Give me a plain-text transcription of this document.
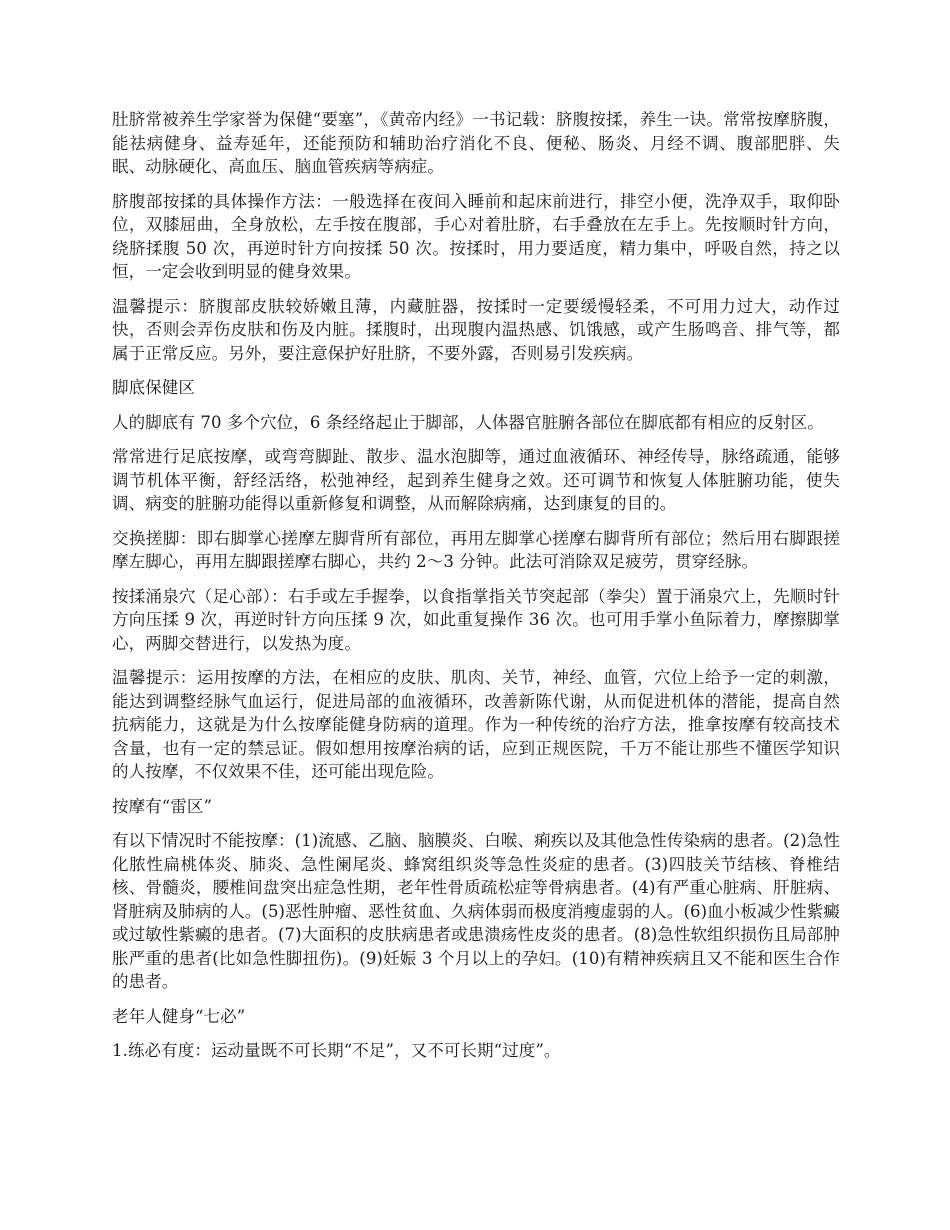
肚脐常被养生学家誉为保健“要塞”，《黄帝内经》一书记载：脐腹按揉，养生一诀。常常按摩脐腹，能祛病健身、益寿延年，还能预防和辅助治疗消化不良、便秘、肠炎、月经不调、腹部肥胖、失眠、动脉硬化、高血压、脑血管疾病等病症。

脐腹部按揉的具体操作方法：一般选择在夜间入睡前和起床前进行，排空小便，洗净双手，取仰卧位，双膝屈曲，全身放松，左手按在腹部，手心对着肚脐，右手叠放在左手上。先按顺时针方向，绕脐揉腹 50 次，再逆时针方向按揉 50 次。按揉时，用力要适度，精力集中，呼吸自然，持之以恒，一定会收到明显的健身效果。

温馨提示：脐腹部皮肤较娇嫩且薄，内藏脏器，按揉时一定要缓慢轻柔，不可用力过大，动作过快，否则会弄伤皮肤和伤及内脏。揉腹时，出现腹内温热感、饥饿感，或产生肠鸣音、排气等，都属于正常反应。另外，要注意保护好肚脐，不要外露，否则易引发疾病。

脚底保健区

人的脚底有 70 多个穴位，6 条经络起止于脚部，人体器官脏腑各部位在脚底都有相应的反射区。

常常进行足底按摩，或弯弯脚趾、散步、温水泡脚等，通过血液循环、神经传导，脉络疏通，能够调节机体平衡，舒经活络，松弛神经，起到养生健身之效。还可调节和恢复人体脏腑功能，使失调、病变的脏腑功能得以重新修复和调整，从而解除病痛，达到康复的目的。

交换搓脚：即右脚掌心搓摩左脚背所有部位，再用左脚掌心搓摩右脚背所有部位；然后用右脚跟搓摩左脚心，再用左脚跟搓摩右脚心，共约 2～3 分钟。此法可消除双足疲劳，贯穿经脉。

按揉涌泉穴（足心部）：右手或左手握拳，以食指掌指关节突起部（拳尖）置于涌泉穴上，先顺时针方向压揉 9 次，再逆时针方向压揉 9 次，如此重复操作 36 次。也可用手掌小鱼际着力，摩擦脚掌心，两脚交替进行，以发热为度。

温馨提示：运用按摩的方法，在相应的皮肤、肌肉、关节，神经、血管，穴位上给予一定的刺激，能达到调整经脉气血运行，促进局部的血液循环，改善新陈代谢，从而促进机体的潜能，提高自然抗病能力，这就是为什么按摩能健身防病的道理。作为一种传统的治疗方法，推拿按摩有较高技术含量，也有一定的禁忌证。假如想用按摩治病的话，应到正规医院，千万不能让那些不懂医学知识的人按摩，不仅效果不佳，还可能出现危险。

按摩有“雷区”

有以下情况时不能按摩：(1)流感、乙脑、脑膜炎、白喉、痢疾以及其他急性传染病的患者。(2)急性化脓性扁桃体炎、肺炎、急性阑尾炎、蜂窝组织炎等急性炎症的患者。(3)四肢关节结核、脊椎结核、骨髓炎，腰椎间盘突出症急性期，老年性骨质疏松症等骨病患者。(4)有严重心脏病、肝脏病、肾脏病及肺病的人。(5)恶性肿瘤、恶性贫血、久病体弱而极度消瘦虚弱的人。(6)血小板减少性紫癜或过敏性紫癜的患者。(7)大面积的皮肤病患者或患溃疡性皮炎的患者。(8)急性软组织损伤且局部肿胀严重的患者(比如急性脚扭伤)。(9)妊娠 3 个月以上的孕妇。(10)有精神疾病且又不能和医生合作的患者。

老年人健身“七必”

1.练必有度：运动量既不可长期“不足”，又不可长期“过度”。
